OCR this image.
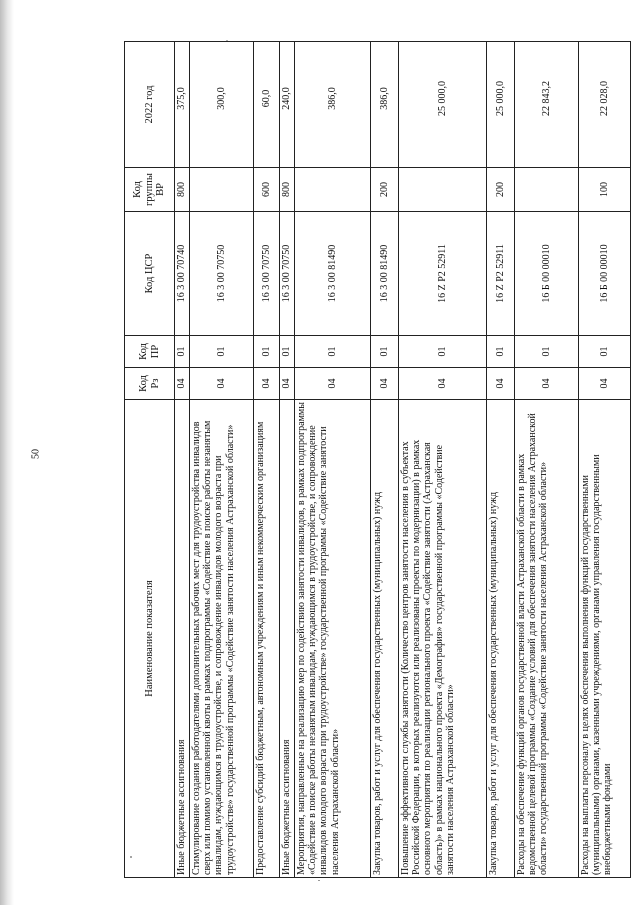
50
Наименование показателя	Код Рз	Код ПР	Код ЦСР	Код группы ВР	2022 год
Иные бюджетные ассигнования	04	01	16 3 00 70740	800	375,0
Стимулирование создания работодателями дополнительных рабочих мест для трудоустройства инвалидов сверх или помимо установленной квоты в рамках подпрограммы «Содействие в поиске работы незанятым инвалидам, нуждающимся в трудоустройстве, и сопровождение инвалидов молодого возраста при трудоустройстве» государственной программы «Содействие занятости населения Астраханской области»	04	01	16 3 00 70750		300,0
Предоставление субсидий бюджетным, автономным учреждениям и иным некоммерческим организациям	04	01	16 3 00 70750	600	60,0
Иные бюджетные ассигнования	04	01	16 3 00 70750	800	240,0
Мероприятия, направленные на реализацию мер по содействию занятости инвалидов, в рамках подпрограммы «Содействие в поиске работы незанятым инвалидам, нуждающимся в трудоустройстве, и сопровождение инвалидов молодого возраста при трудоустройстве» государственной программы «Содействие занятости населения Астраханской области»	04	01	16 3 00 81490		386,0
Закупка товаров, работ и услуг для обеспечения государственных (муниципальных) нужд	04	01	16 3 00 81490	200	386,0
Повышение эффективности службы занятости (Количество центров занятости населения в субъектах Российской Федерации, в которых реализуются или реализованы проекты по модернизации) в рамках основного мероприятия по реализации регионального проекта «Содействие занятости (Астраханская область)» в рамках национального проекта «Демография» государственной программы «Содействие занятости населения Астраханской области»	04	01	16 Z P2 52911		25 000,0
Закупка товаров, работ и услуг для обеспечения государственных (муниципальных) нужд	04	01	16 Z P2 52911	200	25 000,0
Расходы на обеспечение функций органов государственной власти Астраханской области в рамках ведомственной целевой программы «Создание условий для обеспечения занятости населения Астраханской области» государственной программы «Содействие занятости населения Астраханской области»	04	01	16 Б 00 00010		22 843,2
Расходы на выплаты персоналу в целях обеспечения выполнения функций государственными (муниципальными) органами, казенными учреждениями, органами управления государственными внебюджетными фондами	04	01	16 Б 00 00010	100	22 028,0
